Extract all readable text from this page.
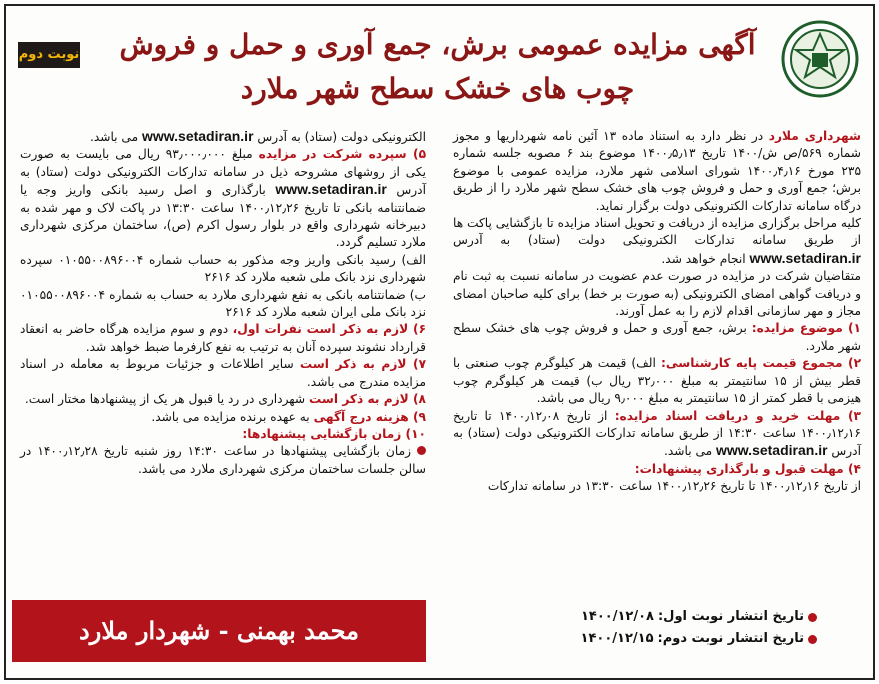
نوبت دوم	آگهی مزایده عمومی برش، جمع آوری و حمل و فروش
چوب های خشک سطح شهر ملارد

شهرداری ملارد در نظر دارد به استناد ماده ۱۳ آئین نامه شهرداریها و مجوز شماره ۵۶۹/ص ش/۱۴۰۰ تاریخ ۱۴۰۰٫۵٫۱۳ موضوع بند ۶ مصوبه جلسه شماره ۲۳۵ مورخ ۱۴۰۰٫۴٫۱۶ شورای اسلامی شهر ملارد، مزایده عمومی با موضوع برش؛ جمع آوری و حمل و فروش چوب های خشک سطح شهر ملارد را از طریق درگاه سامانه تدارکات الکترونیکی دولت برگزار نماید.

کلیه مراحل برگزاری مزایده از دریافت و تحویل اسناد مزایده تا بازگشایی پاکت ها از طریق سامانه تدارکات الکترونیکی دولت (ستاد) به آدرس www.setadiran.ir انجام خواهد شد.

متقاضیان شرکت در مزایده در صورت عدم عضویت در سامانه نسبت به ثبت نام و دریافت گواهی امضای الکترونیکی (به صورت بر خط) برای کلیه صاحبان امضای مجاز و مهر سازمانی اقدام لازم را به عمل آورند.

۱) موضوع مزایده: برش، جمع آوری و حمل و فروش چوب های خشک سطح شهر ملارد.

۲) مجموع قیمت پایه کارشناسی: الف) قیمت هر کیلوگرم چوب صنعتی با قطر بیش از ۱۵ سانتیمتر به مبلغ ۳۲٫۰۰۰ ریال ب) قیمت هر کیلوگرم چوب هیزمی با قطر کمتر از ۱۵ سانتیمتر به مبلغ ۹٫۰۰۰ ریال می باشد.

۳) مهلت خرید و دریافت اسناد مزایده: از تاریخ ۱۴۰۰٫۱۲٫۰۸ تا تاریخ ۱۴۰۰٫۱۲٫۱۶ ساعت ۱۴:۳۰ از طریق سامانه تدارکات الکترونیکی دولت (ستاد) به آدرس www.setadiran.ir می باشد.

۴) مهلت قبول و بارگذاری پیشنهادات:

از تاریخ ۱۴۰۰٫۱۲٫۱۶ تا تاریخ ۱۴۰۰٫۱۲٫۲۶ ساعت ۱۳:۳۰ در سامانه تدارکات

الکترونیکی دولت (ستاد) به آدرس www.setadiran.ir می باشد.

۵) سپرده شرکت در مزایده مبلغ ۹۳٫۰۰۰٫۰۰۰ ریال می بایست به صورت یکی از روشهای مشروحه ذیل در سامانه تدارکات الکترونیکی دولت (ستاد) به آدرس www.setadiran.ir بارگذاری و اصل رسید بانکی واریز وجه یا ضمانتنامه بانکی تا تاریخ ۱۴۰۰٫۱۲٫۲۶ ساعت ۱۳:۳۰ در پاکت لاک و مهر شده به دبیرخانه شهرداری واقع در بلوار رسول اکرم (ص)، ساختمان مرکزی شهرداری ملارد تسلیم گردد.

الف) رسید بانکی واریز وجه مذکور به حساب شماره ۰۱۰۵۵۰۰۸۹۶۰۰۴ سپرده شهرداری نزد بانک ملی شعبه ملارد کد ۲۶۱۶

ب) ضمانتنامه بانکی به نفع شهرداری ملارد به حساب به شماره ۰۱۰۵۵۰۰۸۹۶۰۰۴ نزد بانک ملی ایران شعبه ملارد کد ۲۶۱۶

۶) لازم به ذکر است نفرات اول، دوم و سوم مزایده هرگاه حاضر به انعقاد قرارداد نشوند سپرده آنان به ترتیب به نفع کارفرما ضبط خواهد شد.

۷) لازم به ذکر است سایر اطلاعات و جزئیات مربوط به معامله در اسناد مزایده مندرج می باشد.

۸) لازم به ذکر است شهرداری در رد یا قبول هر یک از پیشنهادها مختار است.

۹) هزینه درج آگهی به عهده برنده مزایده می باشد.

۱۰) زمان بازگشایی پیشنهادها:

زمان بازگشایی پیشنهادها در ساعت ۱۴:۳۰ روز شنبه تاریخ ۱۴۰۰٫۱۲٫۲۸ در سالن جلسات ساختمان مرکزی شهرداری ملارد می باشد.

تاریخ انتشار نوبت اول:
۱۴۰۰/۱۲/۰۸
تاریخ انتشار نوبت دوم:
۱۴۰۰/۱۲/۱۵
محمد بهمنی - شهردار ملارد
